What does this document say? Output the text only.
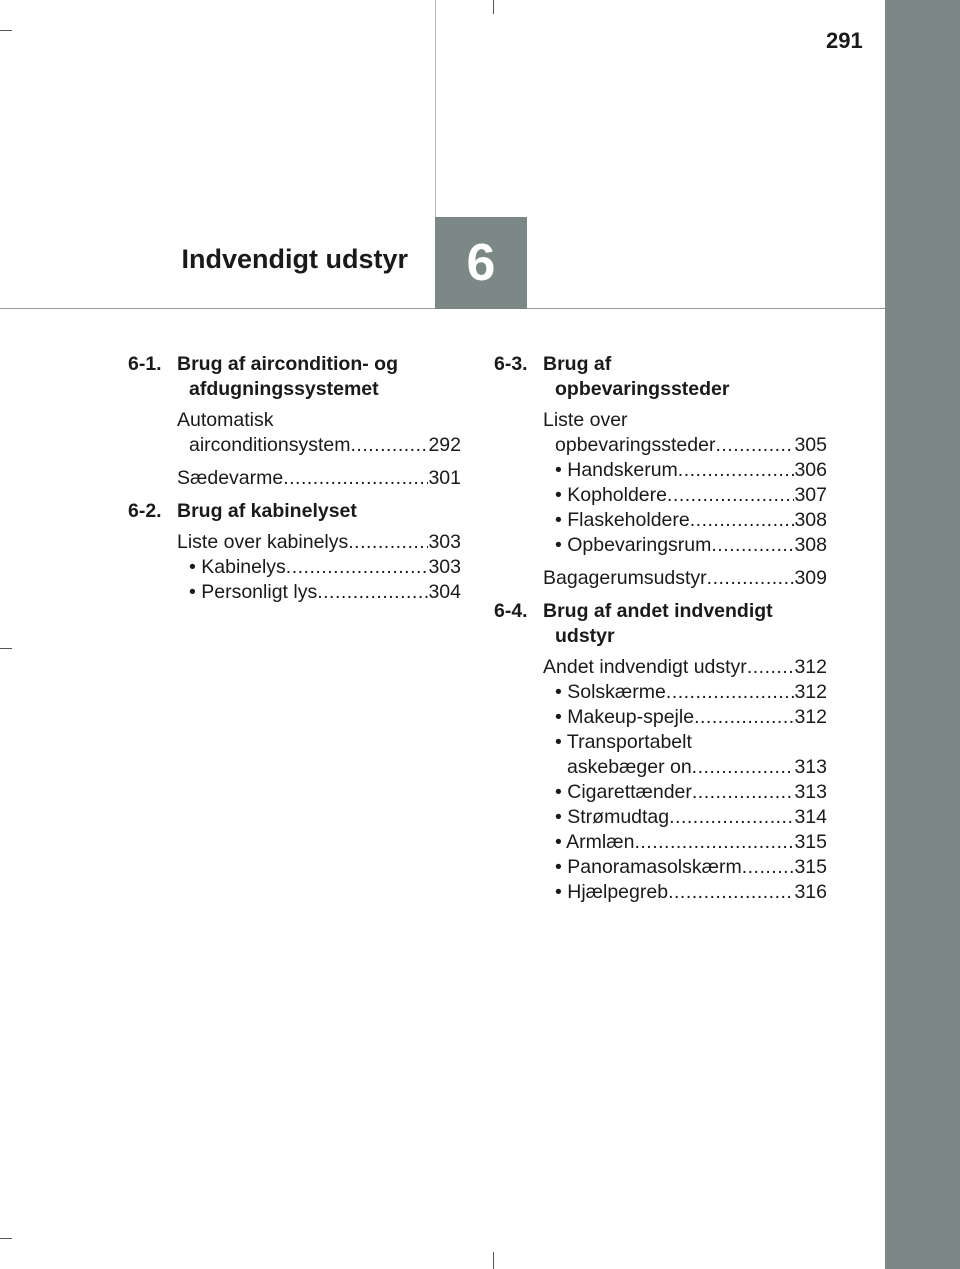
291
Indvendigt udstyr	6
6-1. Brug af aircondition- og
afdugningssystemet
Automatisk
airconditionsystem .....	292
Sædevarme .....	301
6-2. Brug af kabinelyset
Liste over kabinelys .....	303
• Kabinelys .....	303
• Personligt lys .....	304
6-3. Brug af
opbevaringssteder
Liste over
opbevaringssteder .....	305
• Handskerum .....	306
• Kopholdere .....	307
• Flaskeholdere .....	308
• Opbevaringsrum .....	308
Bagagerumsudstyr .....	309
6-4. Brug af andet indvendigt
udstyr
Andet indvendigt udstyr ..... 312
• Solskærme .....	312
• Makeup-spejle .....	312
• Transportabelt
askebæger on .....	313
• Cigarettænder .....	313
• Strømudtag .....	314
• Armlæn .....	315
• Panoramasolskærm .....	315
• Hjælpegreb .....	316
